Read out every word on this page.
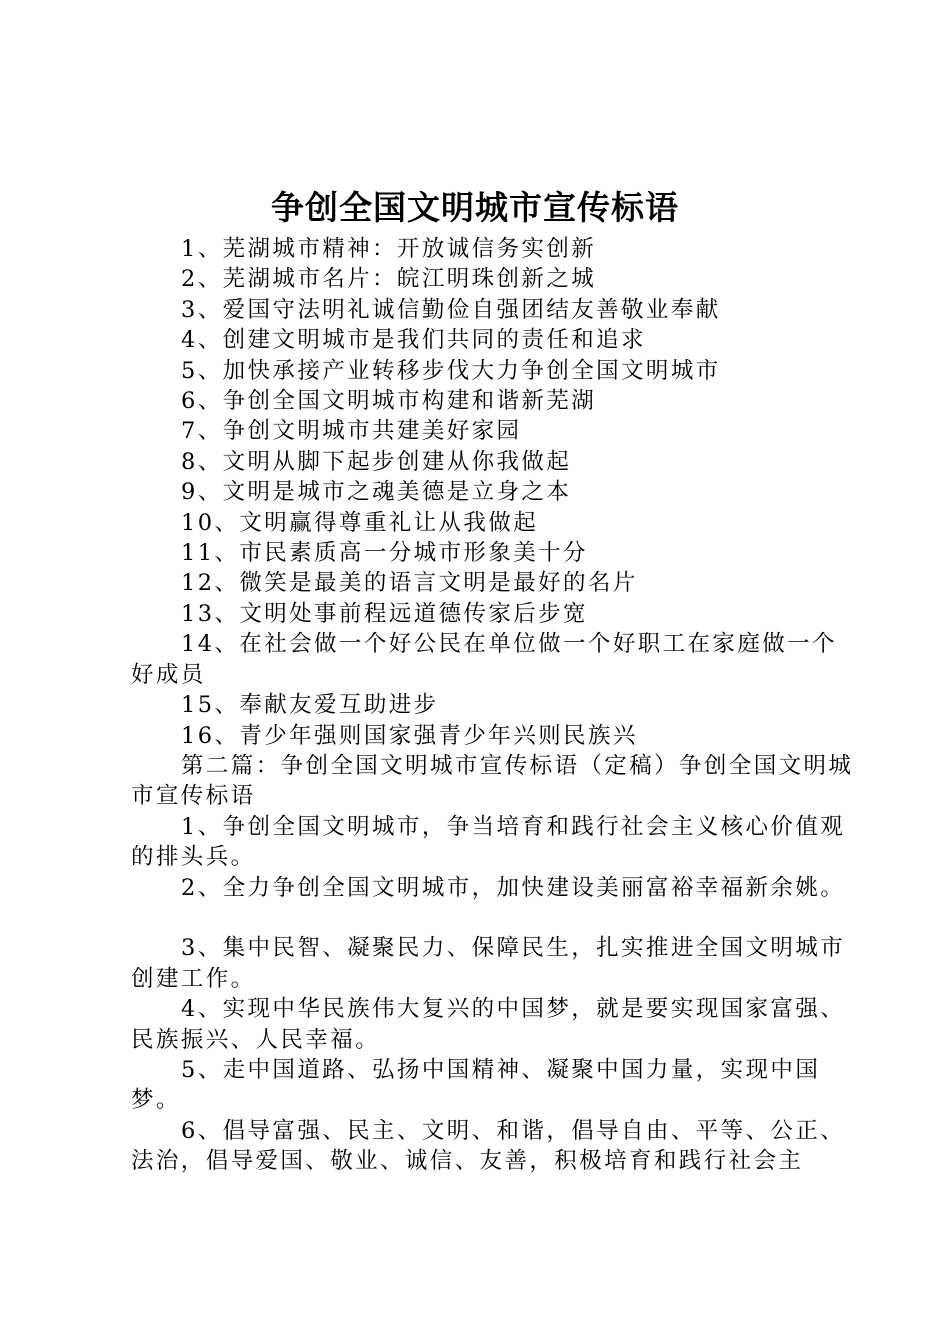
争创全国文明城市宣传标语

1、芜湖城市精神：开放诚信务实创新

2、芜湖城市名片：皖江明珠创新之城

3、爱国守法明礼诚信勤俭自强团结友善敬业奉献

4、创建文明城市是我们共同的责任和追求

5、加快承接产业转移步伐大力争创全国文明城市

6、争创全国文明城市构建和谐新芜湖

7、争创文明城市共建美好家园

8、文明从脚下起步创建从你我做起

9、文明是城市之魂美德是立身之本

10、文明赢得尊重礼让从我做起

11、市民素质高一分城市形象美十分

12、微笑是最美的语言文明是最好的名片

13、文明处事前程远道德传家后步宽

14、在社会做一个好公民在单位做一个好职工在家庭做一个好成员

15、奉献友爱互助进步

16、青少年强则国家强青少年兴则民族兴

第二篇：争创全国文明城市宣传标语（定稿）争创全国文明城市宣传标语

1、争创全国文明城市，争当培育和践行社会主义核心价值观的排头兵。

2、全力争创全国文明城市，加快建设美丽富裕幸福新余姚。

3、集中民智、凝聚民力、保障民生，扎实推进全国文明城市创建工作。

4、实现中华民族伟大复兴的中国梦，就是要实现国家富强、民族振兴、人民幸福。

5、走中国道路、弘扬中国精神、凝聚中国力量，实现中国梦。

6、倡导富强、民主、文明、和谐，倡导自由、平等、公正、法治，倡导爱国、敬业、诚信、友善，积极培育和践行社会主
